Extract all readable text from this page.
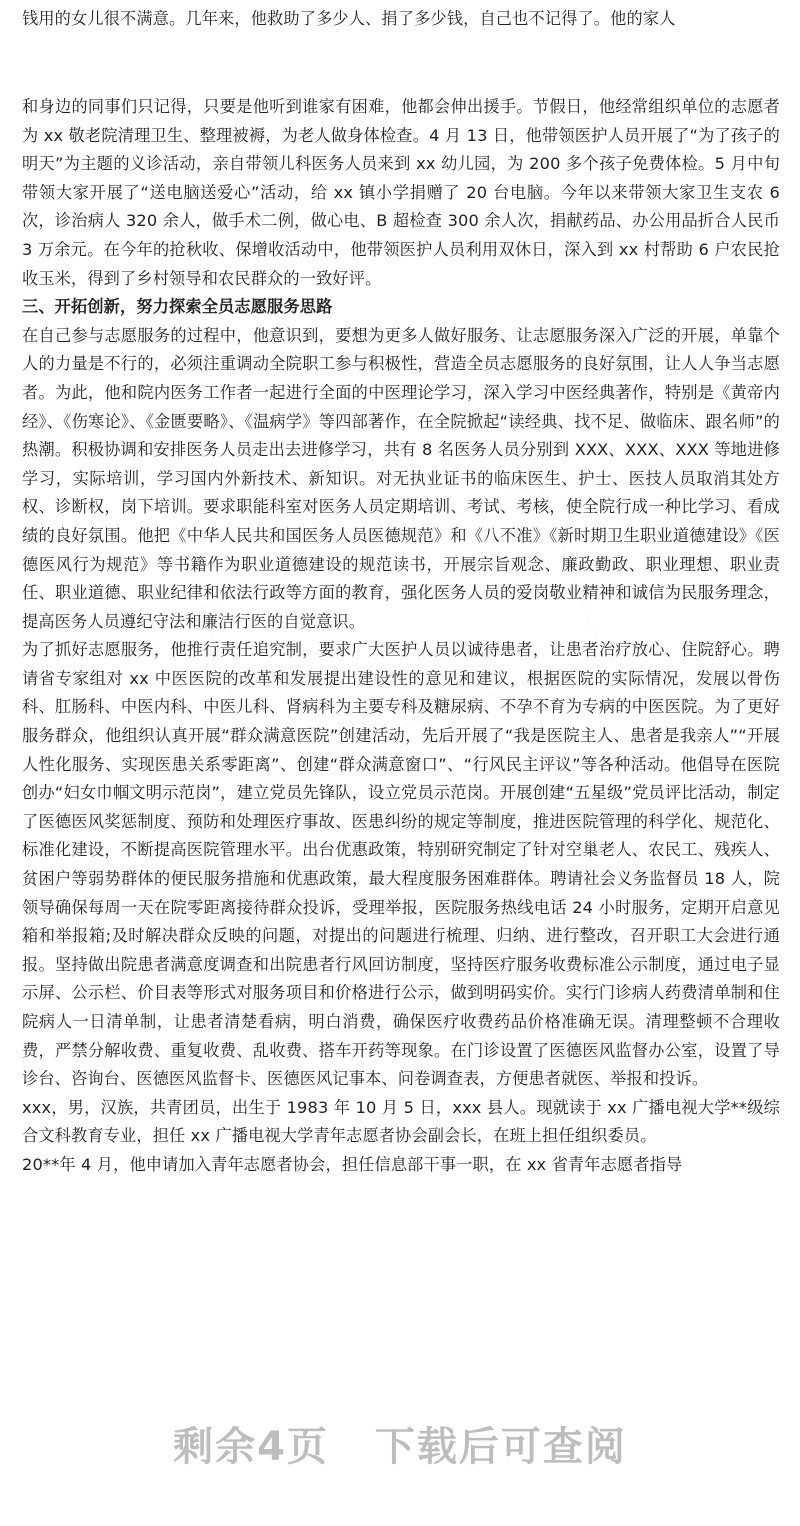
钱用的女儿很不满意。几年来，他救助了多少人、捐了多少钱，自己也不记得了。他的家人

和身边的同事们只记得，只要是他听到谁家有困难，他都会伸出援手。节假日，他经常组织单位的志愿者为 xx 敬老院清理卫生、整理被褥，为老人做身体检查。4 月 13 日，他带领医护人员开展了“为了孩子的明天”为主题的义诊活动，亲自带领儿科医务人员来到 xx 幼儿园，为 200 多个孩子免费体检。5 月中旬带领大家开展了“送电脑送爱心”活动，给 xx 镇小学捐赠了 20 台电脑。今年以来带领大家卫生支农 6 次，诊治病人 320 余人，做手术二例，做心电、B 超检查 300 余人次，捐献药品、办公用品折合人民币 3 万余元。在今年的抢秋收、保增收活动中，他带领医护人员利用双休日，深入到 xx 村帮助 6 户农民抢收玉米，得到了乡村领导和农民群众的一致好评。

三、开拓创新，努力探索全员志愿服务思路

在自己参与志愿服务的过程中，他意识到，要想为更多人做好服务、让志愿服务深入广泛的开展，单靠个人的力量是不行的，必须注重调动全院职工参与积极性，营造全员志愿服务的良好氛围，让人人争当志愿者。为此，他和院内医务工作者一起进行全面的中医理论学习，深入学习中医经典著作，特别是《黄帝内经》、《伤寒论》、《金匮要略》、《温病学》等四部著作，在全院掀起“读经典、找不足、做临床、跟名师”的热潮。积极协调和安排医务人员走出去进修学习，共有 8 名医务人员分别到 XXX、XXX、XXX 等地进修学习，实际培训，学习国内外新技术、新知识。对无执业证书的临床医生、护士、医技人员取消其处方权、诊断权，岗下培训。要求职能科室对医务人员定期培训、考试、考核，使全院行成一种比学习、看成绩的良好氛围。他把《中华人民共和国医务人员医德规范》和《八不准》《新时期卫生职业道德建设》《医德医风行为规范》等书籍作为职业道德建设的规范读书，开展宗旨观念、廉政勤政、职业理想、职业责任、职业道德、职业纪律和依法行政等方面的教育，强化医务人员的爱岗敬业精神和诚信为民服务理念，提高医务人员遵纪守法和廉洁行医的自觉意识。

为了抓好志愿服务，他推行责任追究制，要求广大医护人员以诚待患者，让患者治疗放心、住院舒心。聘请省专家组对 xx 中医医院的改革和发展提出建设性的意见和建议，根据医院的实际情况，发展以骨伤科、肛肠科、中医内科、中医儿科、肾病科为主要专科及糖尿病、不孕不育为专病的中医医院。为了更好服务群众，他组织认真开展“群众满意医院”创建活动，先后开展了“我是医院主人、患者是我亲人”“开展人性化服务、实现医患关系零距离”、创建“群众满意窗口”、“行风民主评议”等各种活动。他倡导在医院创办“妇女巾帼文明示范岗”，建立党员先锋队，设立党员示范岗。开展创建“五星级”党员评比活动，制定了医德医风奖惩制度、预防和处理医疗事故、医患纠纷的规定等制度，推进医院管理的科学化、规范化、标准化建设，不断提高医院管理水平。出台优惠政策，特别研究制定了针对空巢老人、农民工、残疾人、贫困户等弱势群体的便民服务措施和优惠政策，最大程度服务困难群体。聘请社会义务监督员 18 人，院领导确保每周一天在院零距离接待群众投诉，受理举报，医院服务热线电话 24 小时服务，定期开启意见箱和举报箱;及时解决群众反映的问题，对提出的问题进行梳理、归纳、进行整改，召开职工大会进行通报。坚持做出院患者满意度调查和出院患者行风回访制度，坚持医疗服务收费标准公示制度，通过电子显示屏、公示栏、价目表等形式对服务项目和价格进行公示，做到明码实价。实行门诊病人药费清单制和住院病人一日清单制，让患者清楚看病，明白消费，确保医疗收费药品价格准确无误。清理整顿不合理收费，严禁分解收费、重复收费、乱收费、搭车开药等现象。在门诊设置了医德医风监督办公室，设置了导诊台、咨询台、医德医风监督卡、医德医风记事本、问卷调查表，方便患者就医、举报和投诉。

xxx，男，汉族，共青团员，出生于 1983 年 10 月 5 日，xxx 县人。现就读于 xx 广播电视大学**级综合文科教育专业，担任 xx 广播电视大学青年志愿者协会副会长，在班上担任组织委员。

20**年 4 月，他申请加入青年志愿者协会，担任信息部干事一职，在 xx 省青年志愿者指导

剩余4页 下载后可查阅
